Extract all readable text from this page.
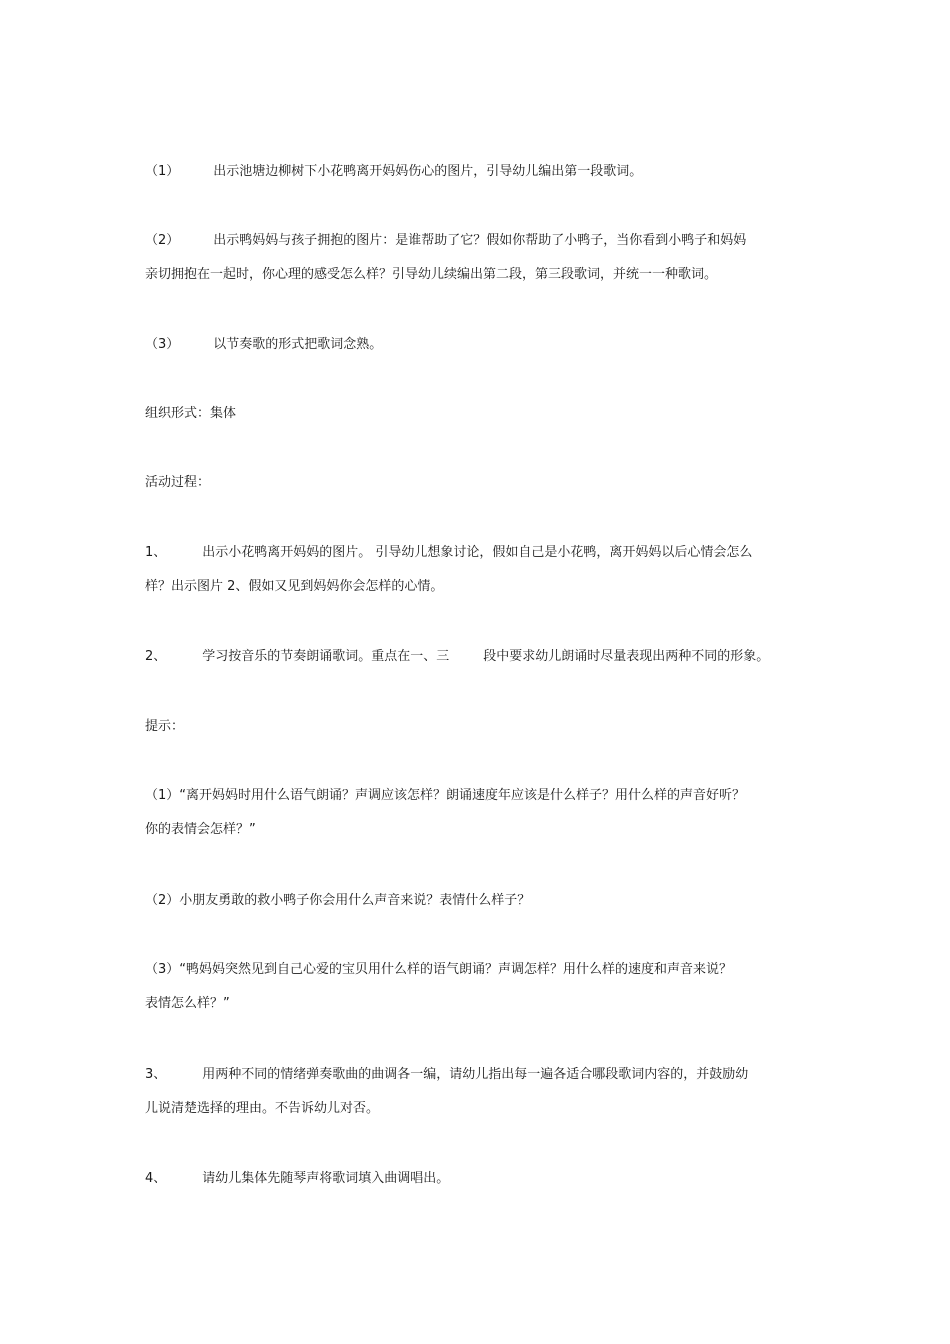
（1）	出示池塘边柳树下小花鸭离开妈妈伤心的图片，引导幼儿编出第一段歌词。
（2）	出示鸭妈妈与孩子拥抱的图片：是谁帮助了它？假如你帮助了小鸭子，当你看到小鸭子和妈妈
亲切拥抱在一起时，你心理的感受怎么样？引导幼儿续编出第二段，第三段歌词，并统一一种歌词。
（3）	以节奏歌的形式把歌词念熟。
组织形式：集体
活动过程：
1、	出示小花鸭离开妈妈的图片。 引导幼儿想象讨论，假如自己是小花鸭，离开妈妈以后心情会怎么
样？出示图片 2、假如又见到妈妈你会怎样的心情。
2、	学习按音乐的节奏朗诵歌词。重点在一、三	段中要求幼儿朗诵时尽量表现出两种不同的形象。
提示：
（1）“离开妈妈时用什么语气朗诵？声调应该怎样？朗诵速度年应该是什么样子？用什么样的声音好听？
你的表情会怎样？”
（2）小朋友勇敢的救小鸭子你会用什么声音来说？表情什么样子？
（3）“鸭妈妈突然见到自己心爱的宝贝用什么样的语气朗诵？声调怎样？用什么样的速度和声音来说？
表情怎么样？”
3、	用两种不同的情绪弹奏歌曲的曲调各一编，请幼儿指出每一遍各适合哪段歌词内容的，并鼓励幼
儿说清楚选择的理由。不告诉幼儿对否。
4、	请幼儿集体先随琴声将歌词填入曲调唱出。
